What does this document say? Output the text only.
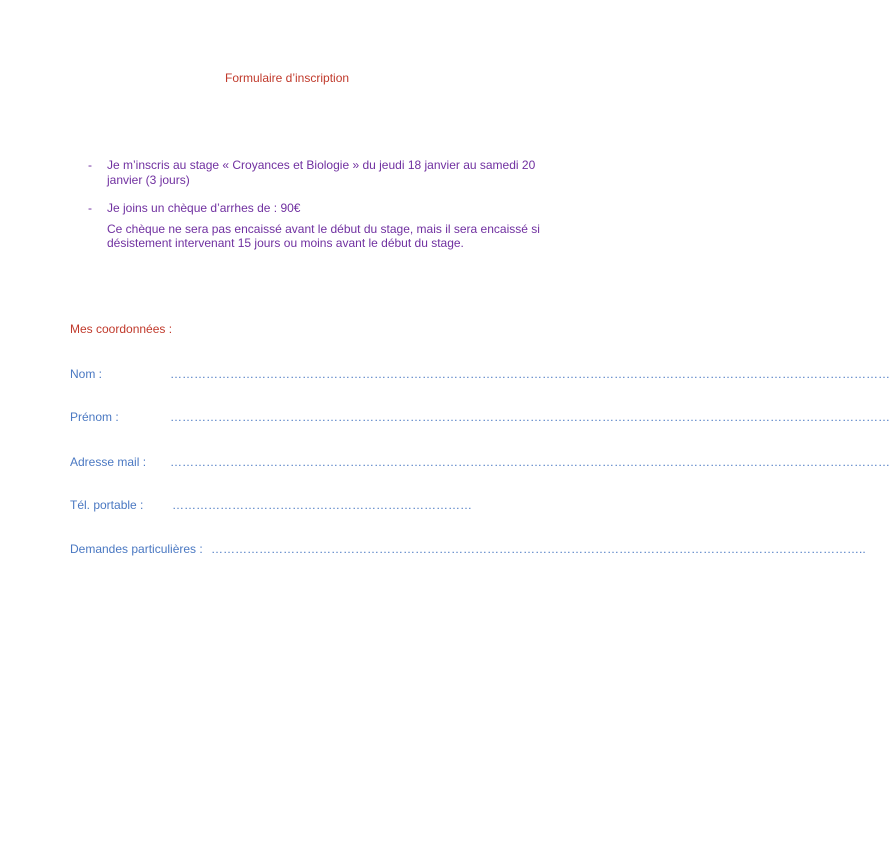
Formulaire d’inscription
- Je m’inscris au stage « Croyances et Biologie » du jeudi 18 janvier au samedi 20 janvier (3 jours)
- Je joins un chèque d’arrhes de : 90€
Ce chèque ne sera pas encaissé avant le début du stage, mais il sera encaissé si désistement intervenant 15 jours ou moins avant le début du stage.
Mes coordonnées :
Nom :	………………………………………………………………………………………………………………………………………………………………
Prénom :	………………………………………………………………………………………………………………………………………………………………
Adresse mail : ………………………………………………………………………………………………………………………………………………………………
Tél. portable : …………………………………………………………………
Demandes particulières : ………………………………………………………………………………………………………………………………………………..
